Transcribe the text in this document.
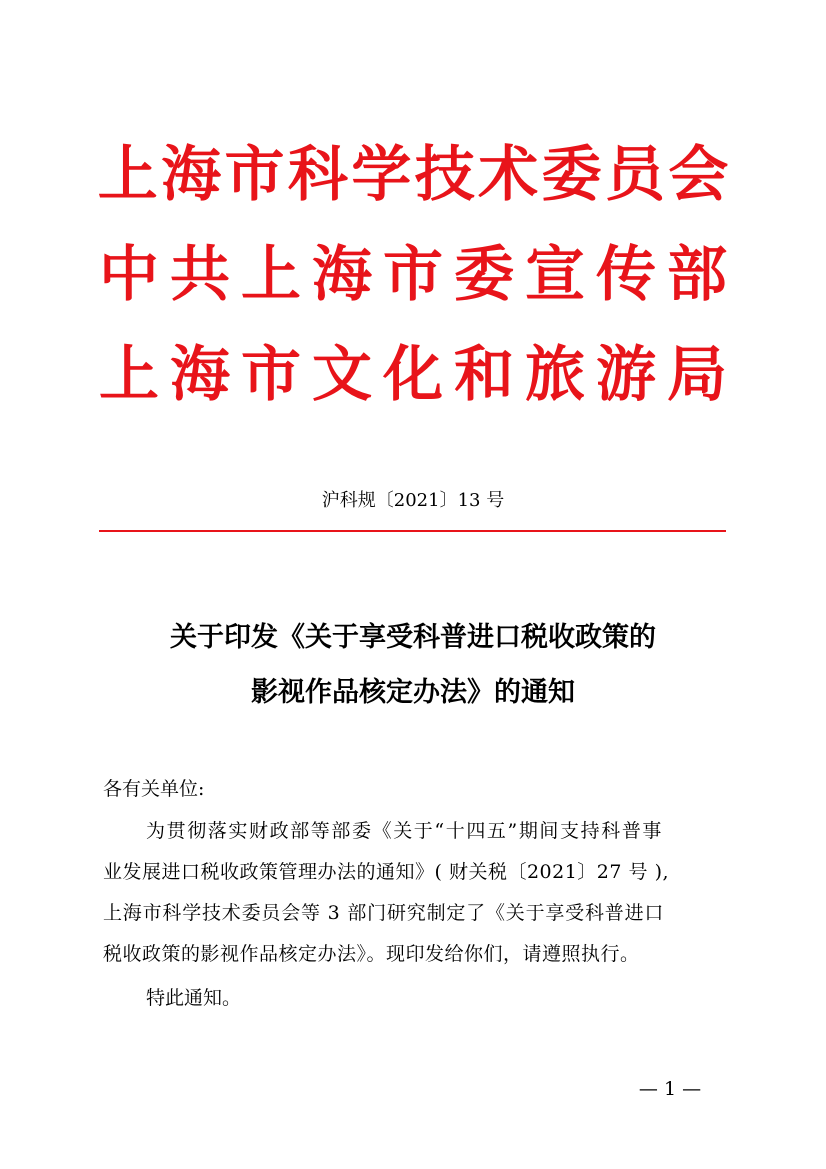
上 海 市 科 学 技 术 委 员 会
中 共 上 海 市 委 宣 传 部
上 海 市 文 化 和 旅 游 局
沪科规〔2021〕13 号
关于印发《关于享受科普进口税收政策的
影视作品核定办法》的通知
各有关单位:
为贯彻落实财政部等部委《关于“十四五”期间支持科普事
业发展进口税收政策管理办法的通知》( 财关税〔2021〕27 号 ),
上海市科学技术委员会等 3 部门研究制定了《关于享受科普进口
税收政策的影视作品核定办法》。现印发给你们，请遵照执行。
特此通知。
— 1 —
